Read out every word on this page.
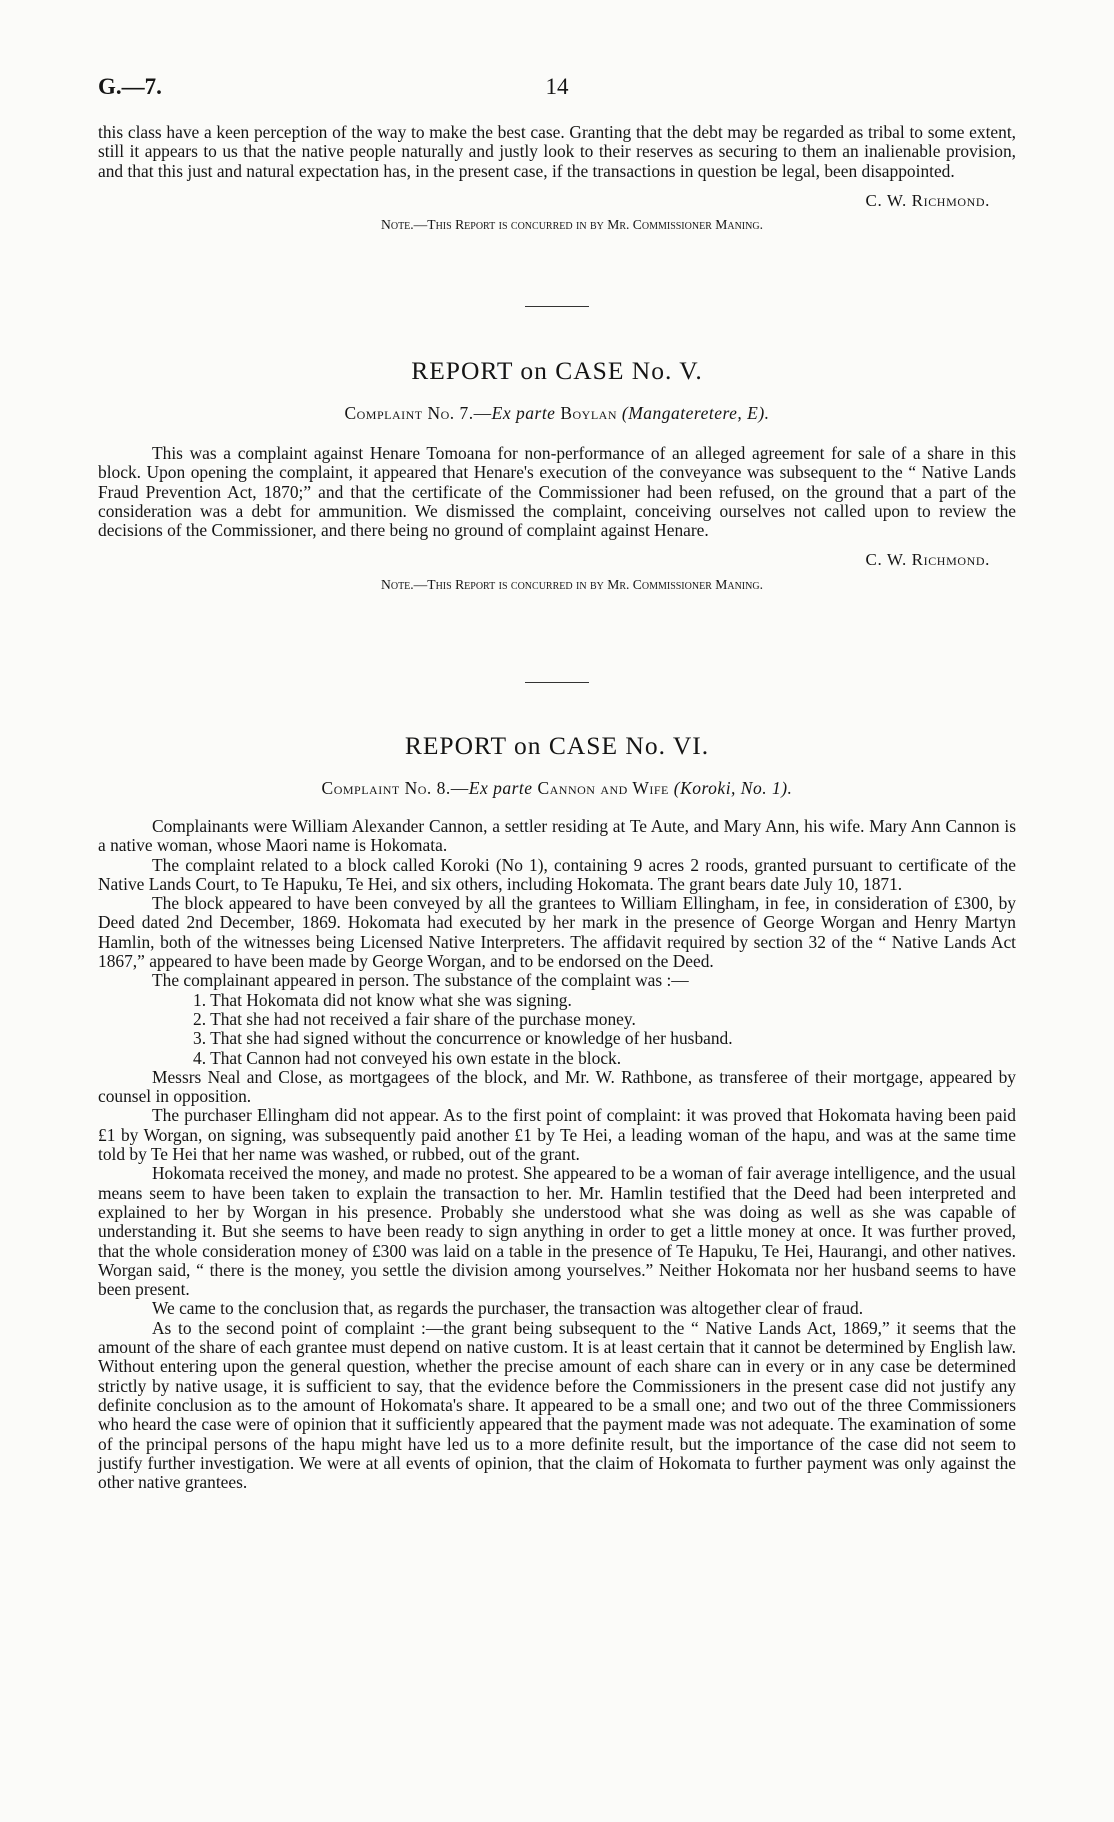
G.—7.	14

this class have a keen perception of the way to make the best case. Granting that the debt may be regarded as tribal to some extent, still it appears to us that the native people naturally and justly look to their reserves as securing to them an inalienable provision, and that this just and natural expectation has, in the present case, if the transactions in question be legal, been disappointed.

C. W. Richmond.

Note.—This Report is concurred in by Mr. Commissioner Maning.

REPORT on CASE No. V.
Complaint No. 7.—Ex parte Boylan (Mangateretere, E).

This was a complaint against Henare Tomoana for non-performance of an alleged agreement for sale of a share in this block. Upon opening the complaint, it appeared that Henare's execution of the conveyance was subsequent to the “ Native Lands Fraud Prevention Act, 1870;” and that the certificate of the Commissioner had been refused, on the ground that a part of the consideration was a debt for ammunition. We dismissed the complaint, conceiving ourselves not called upon to review the decisions of the Commissioner, and there being no ground of complaint against Henare.

C. W. Richmond.

Note.—This Report is concurred in by Mr. Commissioner Maning.

REPORT on CASE No. VI.
Complaint No. 8.—Ex parte Cannon and Wife (Koroki, No. 1).

Complainants were William Alexander Cannon, a settler residing at Te Aute, and Mary Ann, his wife. Mary Ann Cannon is a native woman, whose Maori name is Hokomata.

The complaint related to a block called Koroki (No 1), containing 9 acres 2 roods, granted pursuant to certificate of the Native Lands Court, to Te Hapuku, Te Hei, and six others, including Hokomata. The grant bears date July 10, 1871.

The block appeared to have been conveyed by all the grantees to William Ellingham, in fee, in consideration of £300, by Deed dated 2nd December, 1869. Hokomata had executed by her mark in the presence of George Worgan and Henry Martyn Hamlin, both of the witnesses being Licensed Native Interpreters. The affidavit required by section 32 of the “ Native Lands Act 1867,” appeared to have been made by George Worgan, and to be endorsed on the Deed.

The complainant appeared in person. The substance of the complaint was :—

1. That Hokomata did not know what she was signing.

2. That she had not received a fair share of the purchase money.

3. That she had signed without the concurrence or knowledge of her husband.

4. That Cannon had not conveyed his own estate in the block.

Messrs Neal and Close, as mortgagees of the block, and Mr. W. Rathbone, as transferee of their mortgage, appeared by counsel in opposition.

The purchaser Ellingham did not appear. As to the first point of complaint: it was proved that Hokomata having been paid £1 by Worgan, on signing, was subsequently paid another £1 by Te Hei, a leading woman of the hapu, and was at the same time told by Te Hei that her name was washed, or rubbed, out of the grant.

Hokomata received the money, and made no protest. She appeared to be a woman of fair average intelligence, and the usual means seem to have been taken to explain the transaction to her. Mr. Hamlin testified that the Deed had been interpreted and explained to her by Worgan in his presence. Probably she understood what she was doing as well as she was capable of understanding it. But she seems to have been ready to sign anything in order to get a little money at once. It was further proved, that the whole consideration money of £300 was laid on a table in the presence of Te Hapuku, Te Hei, Haurangi, and other natives. Worgan said, “ there is the money, you settle the division among yourselves.” Neither Hokomata nor her husband seems to have been present.

We came to the conclusion that, as regards the purchaser, the transaction was altogether clear of fraud.

As to the second point of complaint :—the grant being subsequent to the “ Native Lands Act, 1869,” it seems that the amount of the share of each grantee must depend on native custom. It is at least certain that it cannot be determined by English law. Without entering upon the general question, whether the precise amount of each share can in every or in any case be determined strictly by native usage, it is sufficient to say, that the evidence before the Commissioners in the present case did not justify any definite conclusion as to the amount of Hokomata's share. It appeared to be a small one; and two out of the three Commissioners who heard the case were of opinion that it sufficiently appeared that the payment made was not adequate. The examination of some of the principal persons of the hapu might have led us to a more definite result, but the importance of the case did not seem to justify further investigation. We were at all events of opinion, that the claim of Hokomata to further payment was only against the other native grantees.
